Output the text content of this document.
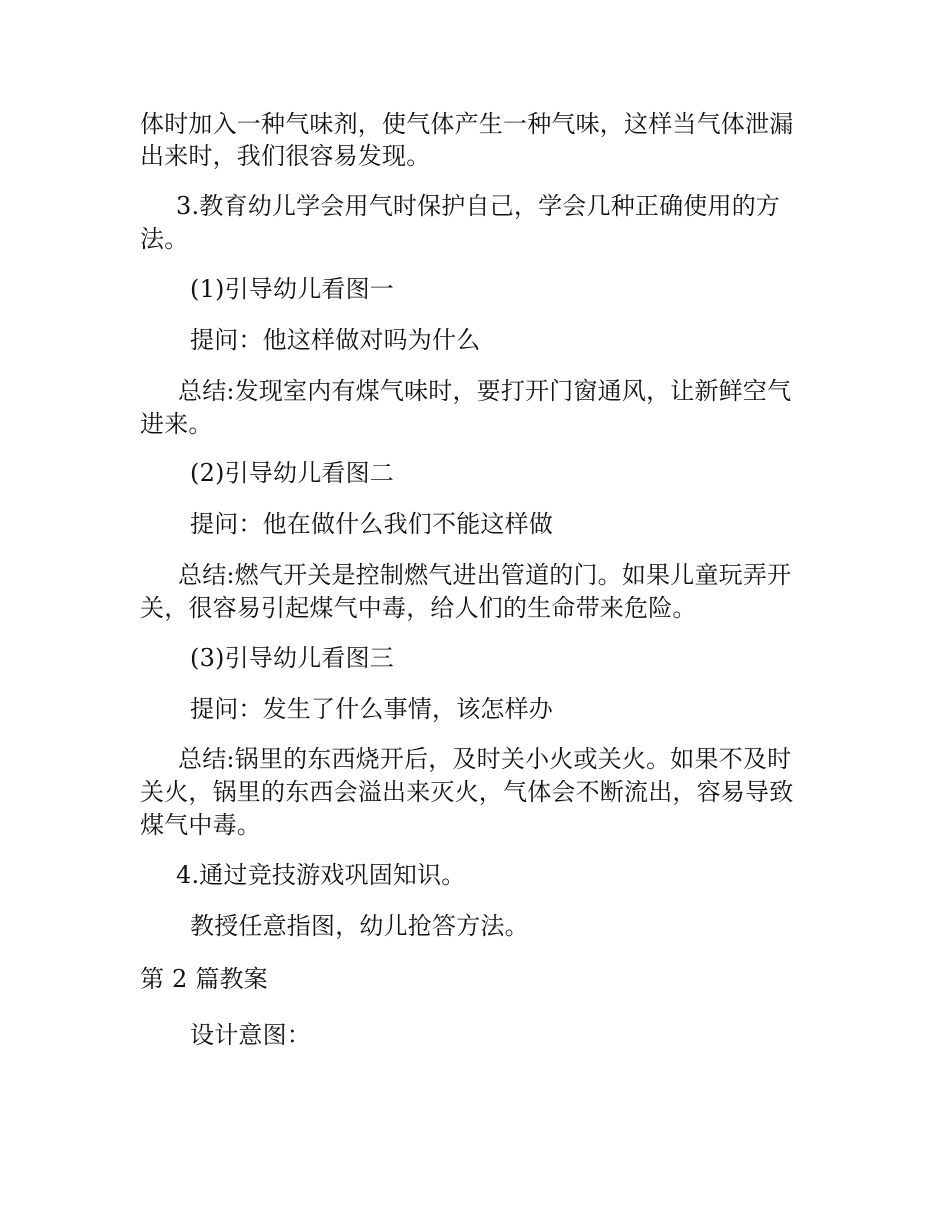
体时加入一种气味剂，使气体产生一种气味，这样当气体泄漏
出来时，我们很容易发现。
3.教育幼儿学会用气时保护自己，学会几种正确使用的方
法。
(1)引导幼儿看图一
提问：他这样做对吗为什么
总结:发现室内有煤气味时，要打开门窗通风，让新鲜空气
进来。
(2)引导幼儿看图二
提问：他在做什么我们不能这样做
总结:燃气开关是控制燃气进出管道的门。如果儿童玩弄开
关，很容易引起煤气中毒，给人们的生命带来危险。
(3)引导幼儿看图三
提问：发生了什么事情，该怎样办
总结:锅里的东西烧开后，及时关小火或关火。如果不及时
关火，锅里的东西会溢出来灭火，气体会不断流出，容易导致
煤气中毒。
4.通过竞技游戏巩固知识。
教授任意指图，幼儿抢答方法。
第 2 篇教案
设计意图：
